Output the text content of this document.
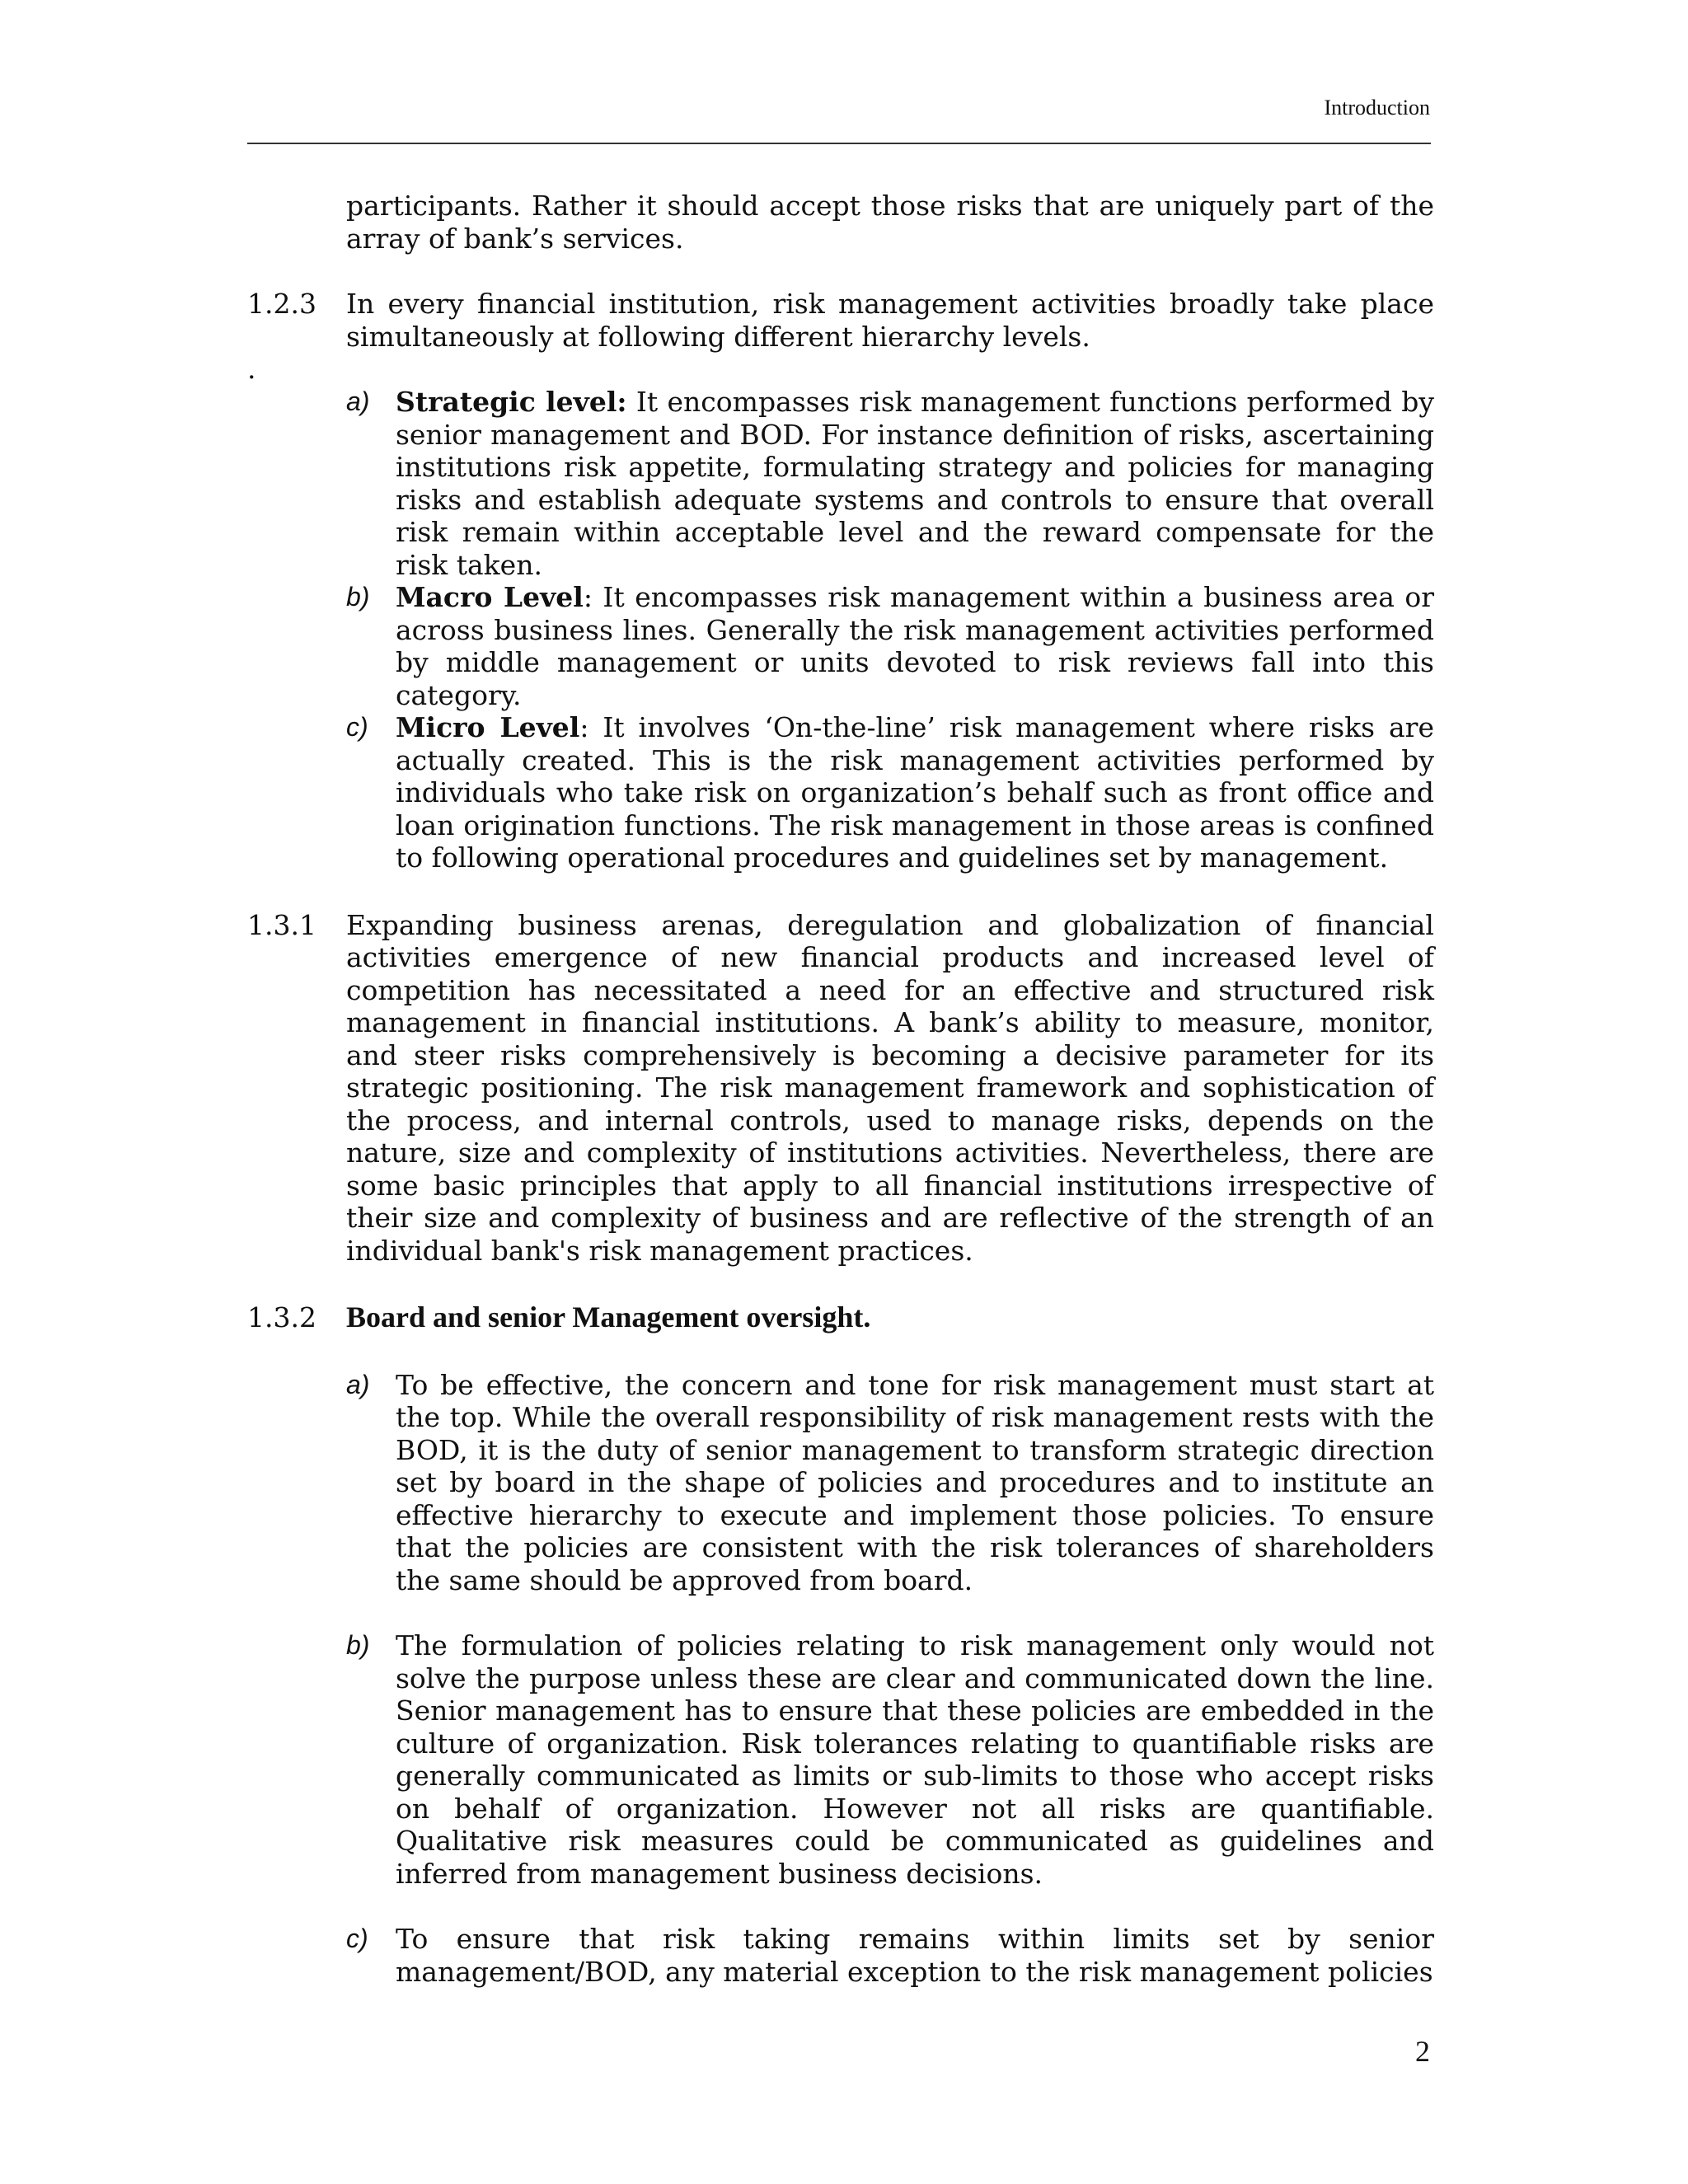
Introduction

participants. Rather it should accept those risks that are uniquely part of the array of bank’s services.

1.2.3	In every financial institution, risk management activities broadly take place simultaneously at following different hierarchy levels.

.
a) Strategic level: It encompasses risk management functions performed by senior management and BOD. For instance definition of risks, ascertaining institutions risk appetite, formulating strategy and policies for managing risks and establish adequate systems and controls to ensure that overall risk remain within acceptable level and the reward compensate for the risk taken.

b) Macro Level: It encompasses risk management within a business area or across business lines. Generally the risk management activities performed by middle management or units devoted to risk reviews fall into this category.

c)	Micro Level: It involves ‘On-the-line’ risk management where risks are actually created. This is the risk management activities performed by individuals who take risk on organization’s behalf such as front office and loan origination functions. The risk management in those areas is confined to following operational procedures and guidelines set by management.

1.3.1	Expanding business arenas, deregulation and globalization of financial activities emergence of new financial products and increased level of competition has necessitated a need for an effective and structured risk management in financial institutions. A bank’s ability to measure, monitor, and steer risks comprehensively is becoming a decisive parameter for its strategic positioning. The risk management framework and sophistication of the process, and internal controls, used to manage risks, depends on the nature, size and complexity of institutions activities. Nevertheless, there are some basic principles that apply to all financial institutions irrespective of their size and complexity of business and are reflective of the strength of an individual bank's risk management practices.

1.3.2	Board and senior Management oversight.

a) To be effective, the concern and tone for risk management must start at the top. While the overall responsibility of risk management rests with the BOD, it is the duty of senior management to transform strategic direction set by board in the shape of policies and procedures and to institute an effective hierarchy to execute and implement those policies. To ensure that the policies are consistent with the risk tolerances of shareholders the same should be approved from board.

b) The formulation of policies relating to risk management only would not solve the purpose unless these are clear and communicated down the line. Senior management has to ensure that these policies are embedded in the culture of organization. Risk tolerances relating to quantifiable risks are generally communicated as limits or sub-limits to those who accept risks on behalf of organization. However not all risks are quantifiable. Qualitative risk measures could be communicated as guidelines and inferred from management business decisions.

c)	To ensure that risk taking remains within limits set by senior management/BOD, any material exception to the risk management policies

2
